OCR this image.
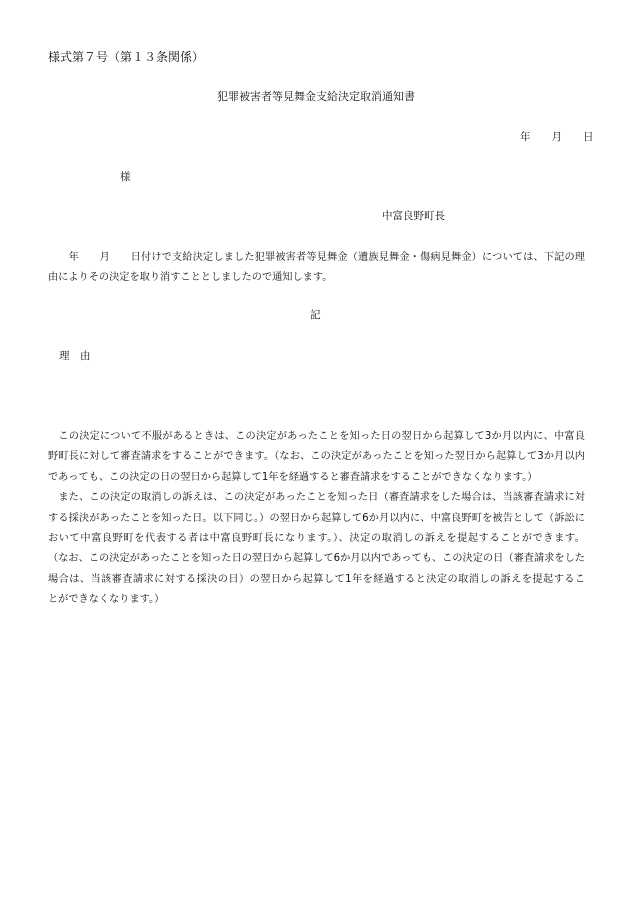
様式第７号（第１３条関係）
犯罪被害者等見舞金支給決定取消通知書
年　　月　　日
様
中富良野町長
　　年　　月　　日付けで支給決定しました犯罪被害者等見舞金（遺族見舞金・傷病見舞金）については、下記の理
由によりその決定を取り消すこととしましたので通知します。
記
理　由
　この決定について不服があるときは、この決定があったことを知った日の翌日から起算して3か月以内に、中富良
野町長に対して審査請求をすることができます。（なお、この決定があったことを知った翌日から起算して3か月以内
であっても、この決定の日の翌日から起算して1年を経過すると審査請求をすることができなくなります。）
　また、この決定の取消しの訴えは、この決定があったことを知った日（審査請求をした場合は、当該審査請求に対
する採決があったことを知った日。以下同じ。）の翌日から起算して6か月以内に、中富良野町を被告として（訴訟に
おいて中富良野町を代表する者は中富良野町長になります。）、決定の取消しの訴えを提起することができます。
（なお、この決定があったことを知った日の翌日から起算して6か月以内であっても、この決定の日（審査請求をした
場合は、当該審査請求に対する採決の日）の翌日から起算して1年を経過すると決定の取消しの訴えを提起するこ
とができなくなります。）
